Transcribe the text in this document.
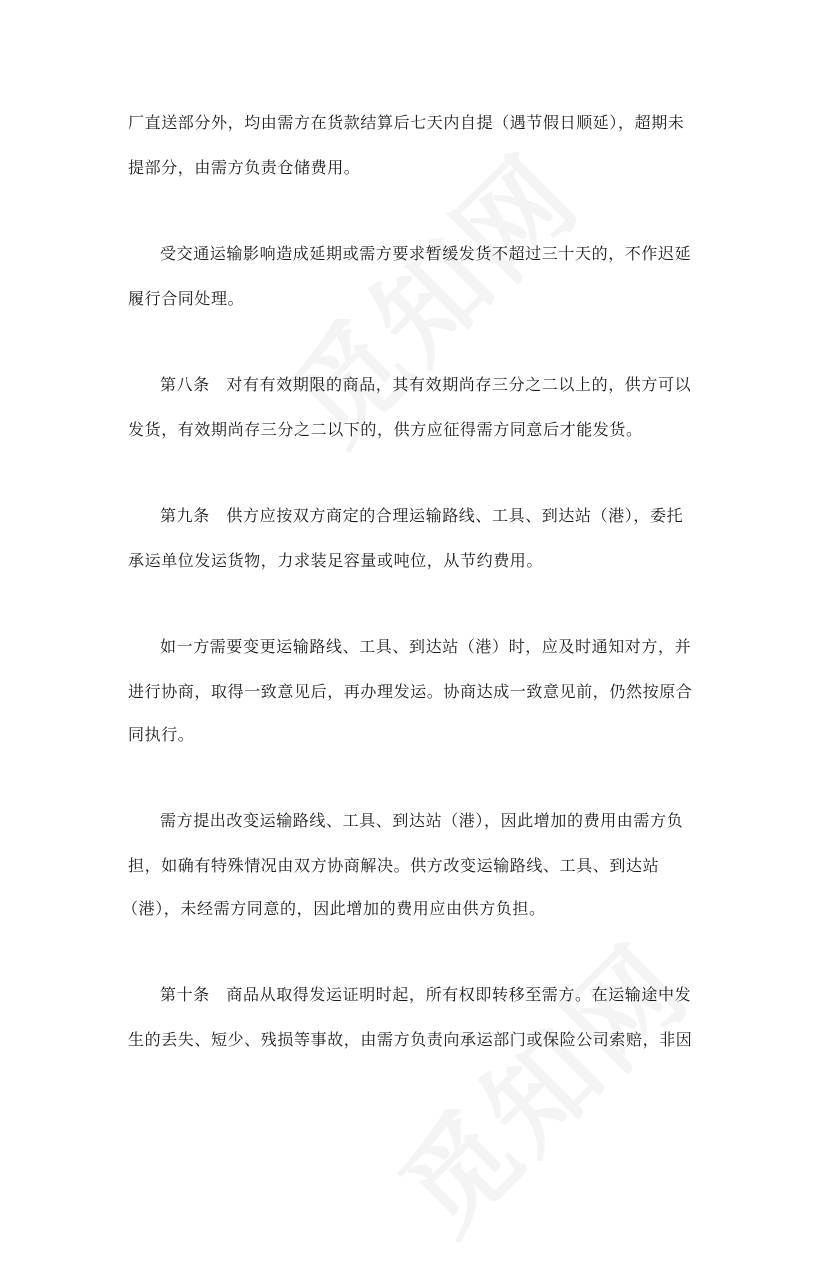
厂直送部分外，均由需方在货款结算后七天内自提（遇节假日顺延），超期未
提部分，由需方负责仓储费用。
受交通运输影响造成延期或需方要求暂缓发货不超过三十天的，不作迟延
履行合同处理。
第八条　对有有效期限的商品，其有效期尚存三分之二以上的，供方可以
发货，有效期尚存三分之二以下的，供方应征得需方同意后才能发货。
第九条　供方应按双方商定的合理运输路线、工具、到达站（港），委托
承运单位发运货物，力求装足容量或吨位，从节约费用。
如一方需要变更运输路线、工具、到达站（港）时，应及时通知对方，并
进行协商，取得一致意见后，再办理发运。协商达成一致意见前，仍然按原合
同执行。
需方提出改变运输路线、工具、到达站（港），因此增加的费用由需方负
担，如确有特殊情况由双方协商解决。供方改变运输路线、工具、到达站
（港），未经需方同意的，因此增加的费用应由供方负担。
第十条　商品从取得发运证明时起，所有权即转移至需方。在运输途中发
生的丢失、短少、残损等事故，由需方负责向承运部门或保险公司索赔，非因
